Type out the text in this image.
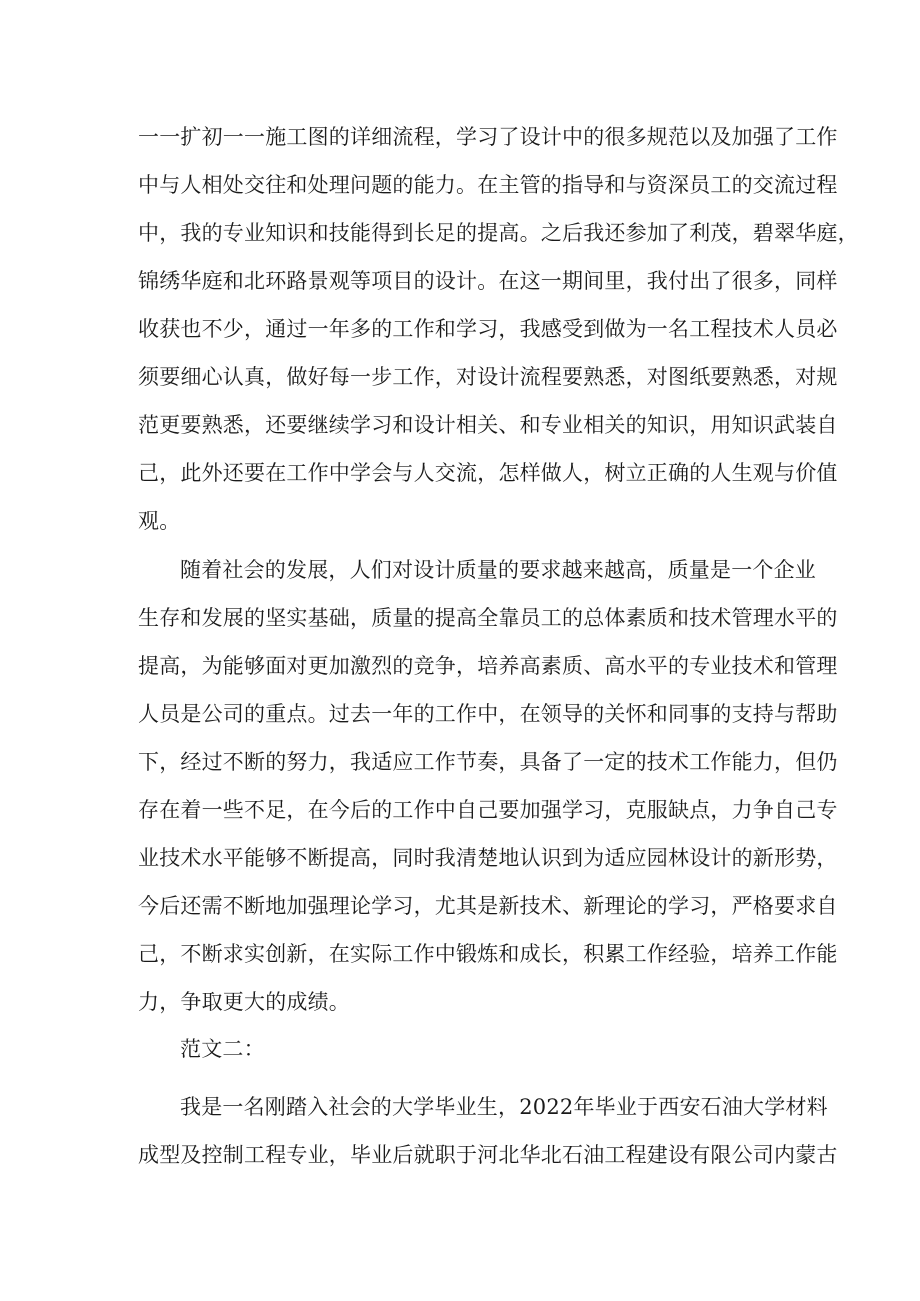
一一扩初一一施工图的详细流程，学习了设计中的很多规范以及加强了工作
中与人相处交往和处理问题的能力。在主管的指导和与资深员工的交流过程
中，我的专业知识和技能得到长足的提高。之后我还参加了利茂，碧翠华庭，
锦绣华庭和北环路景观等项目的设计。在这一期间里，我付出了很多，同样
收获也不少，通过一年多的工作和学习，我感受到做为一名工程技术人员必
须要细心认真，做好每一步工作，对设计流程要熟悉，对图纸要熟悉，对规
范更要熟悉，还要继续学习和设计相关、和专业相关的知识，用知识武装自
己，此外还要在工作中学会与人交流，怎样做人，树立正确的人生观与价值
观。
随着社会的发展，人们对设计质量的要求越来越高，质量是一个企业
生存和发展的坚实基础，质量的提高全靠员工的总体素质和技术管理水平的
提高，为能够面对更加激烈的竞争，培养高素质、高水平的专业技术和管理
人员是公司的重点。过去一年的工作中，在领导的关怀和同事的支持与帮助
下，经过不断的努力，我适应工作节奏，具备了一定的技术工作能力，但仍
存在着一些不足，在今后的工作中自己要加强学习，克服缺点，力争自己专
业技术水平能够不断提高，同时我清楚地认识到为适应园林设计的新形势，
今后还需不断地加强理论学习，尤其是新技术、新理论的学习，严格要求自
己，不断求实创新，在实际工作中锻炼和成长，积累工作经验，培养工作能
力，争取更大的成绩。
范文二：
我是一名刚踏入社会的大学毕业生，2022年毕业于西安石油大学材料
成型及控制工程专业，毕业后就职于河北华北石油工程建设有限公司内蒙古
